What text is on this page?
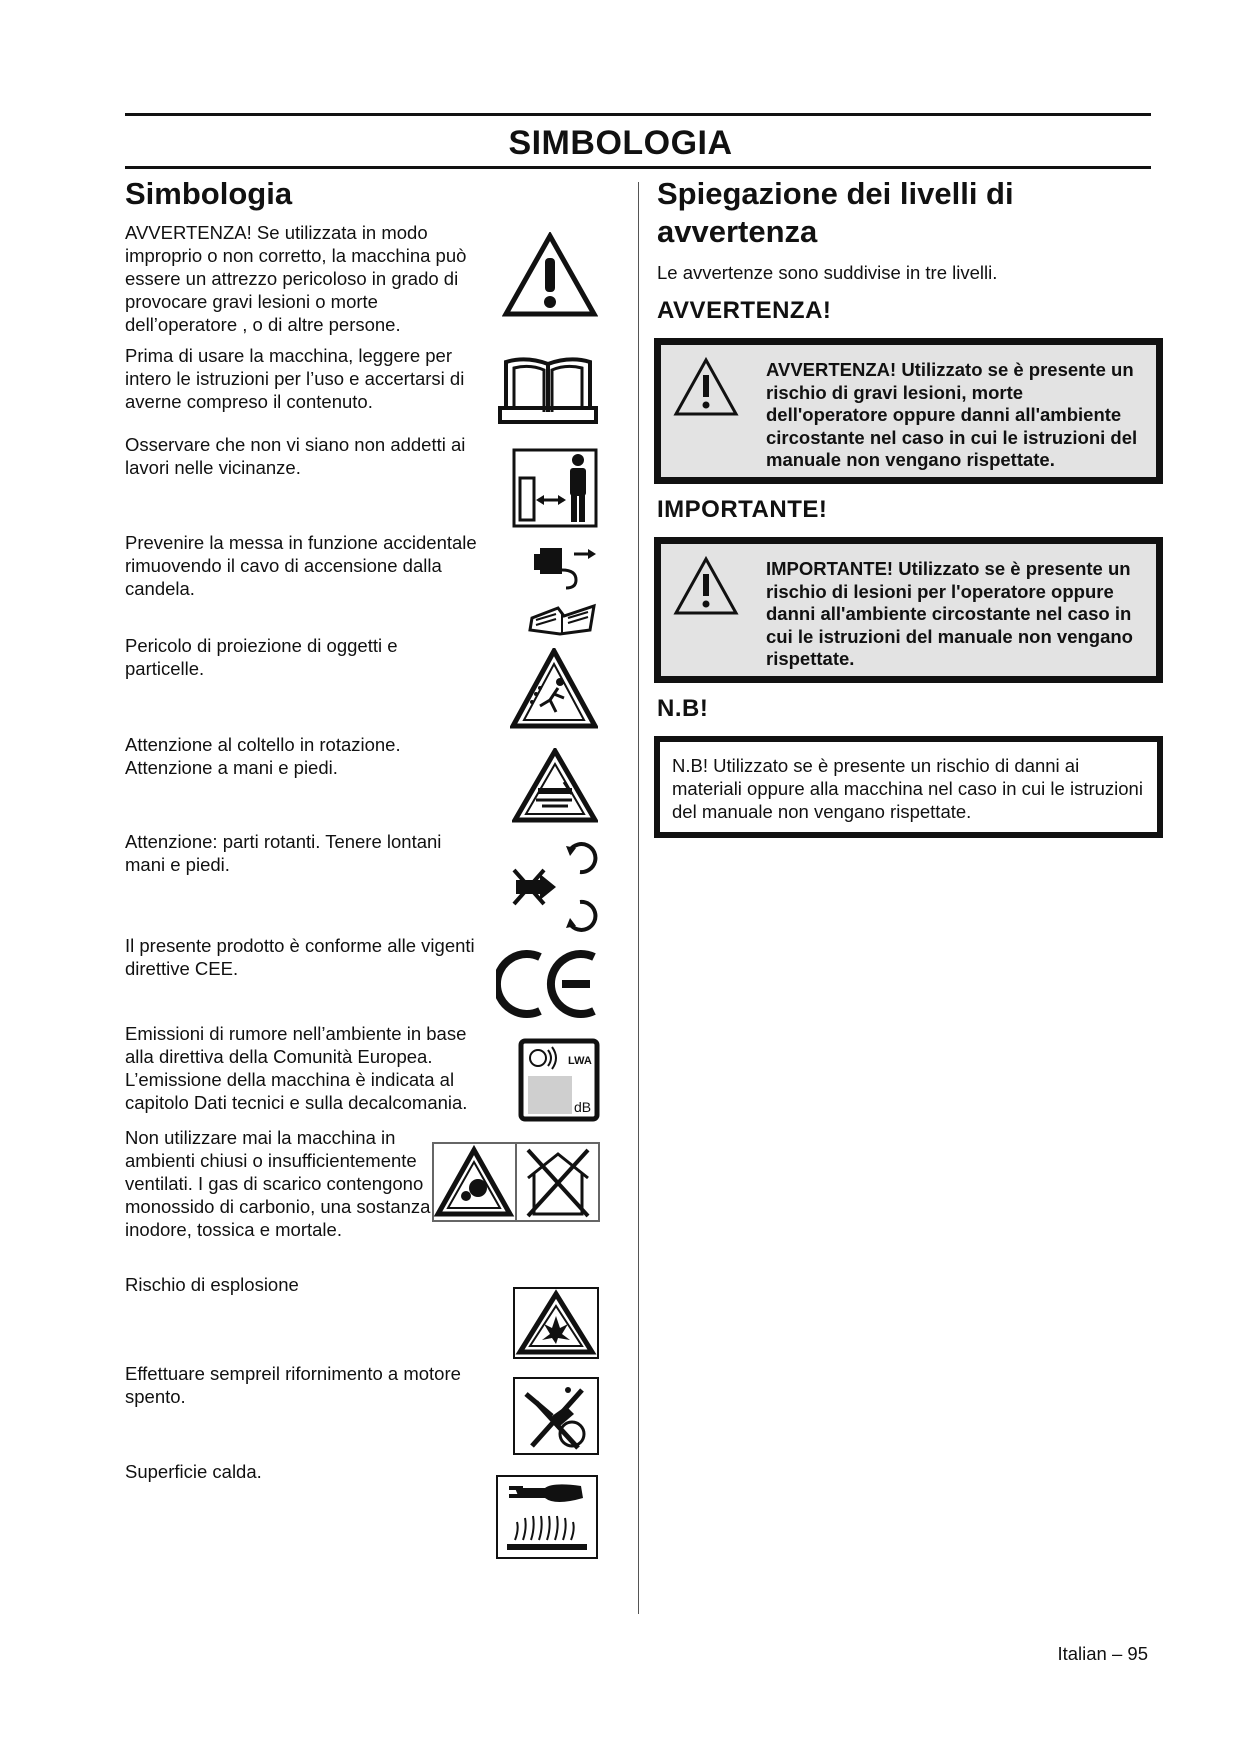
SIMBOLOGIA
Simbologia
AVVERTENZA! Se utilizzata in modo improprio o non corretto, la macchina può essere un attrezzo pericoloso in grado di provocare gravi lesioni o morte dell’operatore , o di altre persone.
Prima di usare la macchina, leggere per intero le istruzioni per l’uso e accertarsi di averne compreso il contenuto.
Osservare che non vi siano non addetti ai lavori nelle vicinanze.
Prevenire la messa in funzione accidentale rimuovendo il cavo di accensione dalla candela.
Pericolo di proiezione di oggetti e particelle.
Attenzione al coltello in rotazione. Attenzione a mani e piedi.
Attenzione: parti rotanti. Tenere lontani mani e piedi.
Il presente prodotto è conforme alle vigenti direttive CEE.
Emissioni di rumore nell’ambiente in base alla direttiva della Comunità Europea. L’emissione della macchina è indicata al capitolo Dati tecnici e sulla decalcomania.
LWA
dB
Non utilizzare mai la macchina in ambienti chiusi o insufficientemente ventilati. I gas di scarico contengono monossido di carbonio, una sostanza inodore, tossica e mortale.
Rischio di esplosione
Effettuare sempreil rifornimento a motore spento.
Superficie calda.
Spiegazione dei livelli di avvertenza
Le avvertenze sono suddivise in tre livelli.
AVVERTENZA!
AVVERTENZA! Utilizzato se è presente un rischio di gravi lesioni, morte dell'operatore oppure danni all'ambiente circostante nel caso in cui le istruzioni del manuale non vengano rispettate.
IMPORTANTE!
IMPORTANTE! Utilizzato se è presente un rischio di lesioni per l'operatore oppure danni all'ambiente circostante nel caso in cui le istruzioni del manuale non vengano rispettate.
N.B!
N.B! Utilizzato se è presente un rischio di danni ai materiali oppure alla macchina nel caso in cui le istruzioni del manuale non vengano rispettate.
Italian – 95
